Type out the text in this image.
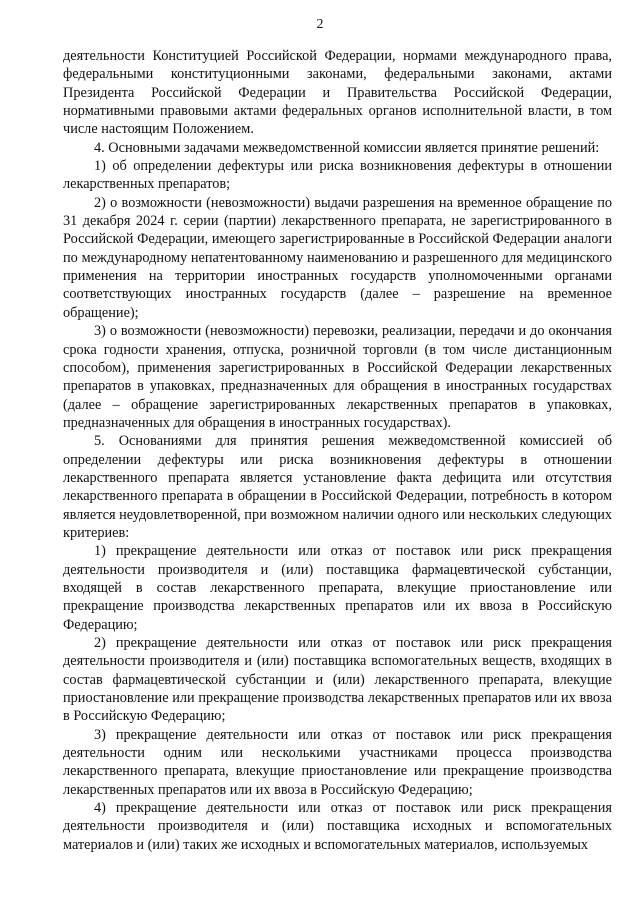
2

деятельности Конституцией Российской Федерации, нормами международного права, федеральными конституционными законами, федеральными законами, актами Президента Российской Федерации и Правительства Российской Федерации, нормативными правовыми актами федеральных органов исполнительной власти, в том числе настоящим Положением.

4. Основными задачами межведомственной комиссии является принятие решений:

1) об определении дефектуры или риска возникновения дефектуры в отношении лекарственных препаратов;

2) о возможности (невозможности) выдачи разрешения на временное обращение по 31 декабря 2024 г. серии (партии) лекарственного препарата, не зарегистрированного в Российской Федерации, имеющего зарегистрированные в Российской Федерации аналоги по международному непатентованному наименованию и разрешенного для медицинского применения на территории иностранных государств уполномоченными органами соответствующих иностранных государств (далее – разрешение на временное обращение);

3) о возможности (невозможности) перевозки, реализации, передачи и до окончания срока годности хранения, отпуска, розничной торговли (в том числе дистанционным способом), применения зарегистрированных в Российской Федерации лекарственных препаратов в упаковках, предназначенных для обращения в иностранных государствах (далее – обращение зарегистрированных лекарственных препаратов в упаковках, предназначенных для обращения в иностранных государствах).

5. Основаниями для принятия решения межведомственной комиссией об определении дефектуры или риска возникновения дефектуры в отношении лекарственного препарата является установление факта дефицита или отсутствия лекарственного препарата в обращении в Российской Федерации, потребность в котором является неудовлетворенной, при возможном наличии одного или нескольких следующих критериев:

1) прекращение деятельности или отказ от поставок или риск прекращения деятельности производителя и (или) поставщика фармацевтической субстанции, входящей в состав лекарственного препарата, влекущие приостановление или прекращение производства лекарственных препаратов или их ввоза в Российскую Федерацию;

2) прекращение деятельности или отказ от поставок или риск прекращения деятельности производителя и (или) поставщика вспомогательных веществ, входящих в состав фармацевтической субстанции и (или) лекарственного препарата, влекущие приостановление или прекращение производства лекарственных препаратов или их ввоза в Российскую Федерацию;

3) прекращение деятельности или отказ от поставок или риск прекращения деятельности одним или несколькими участниками процесса производства лекарственного препарата, влекущие приостановление или прекращение производства лекарственных препаратов или их ввоза в Российскую Федерацию;

4) прекращение деятельности или отказ от поставок или риск прекращения деятельности производителя и (или) поставщика исходных и вспомогательных материалов и (или) таких же исходных и вспомогательных материалов, используемых
